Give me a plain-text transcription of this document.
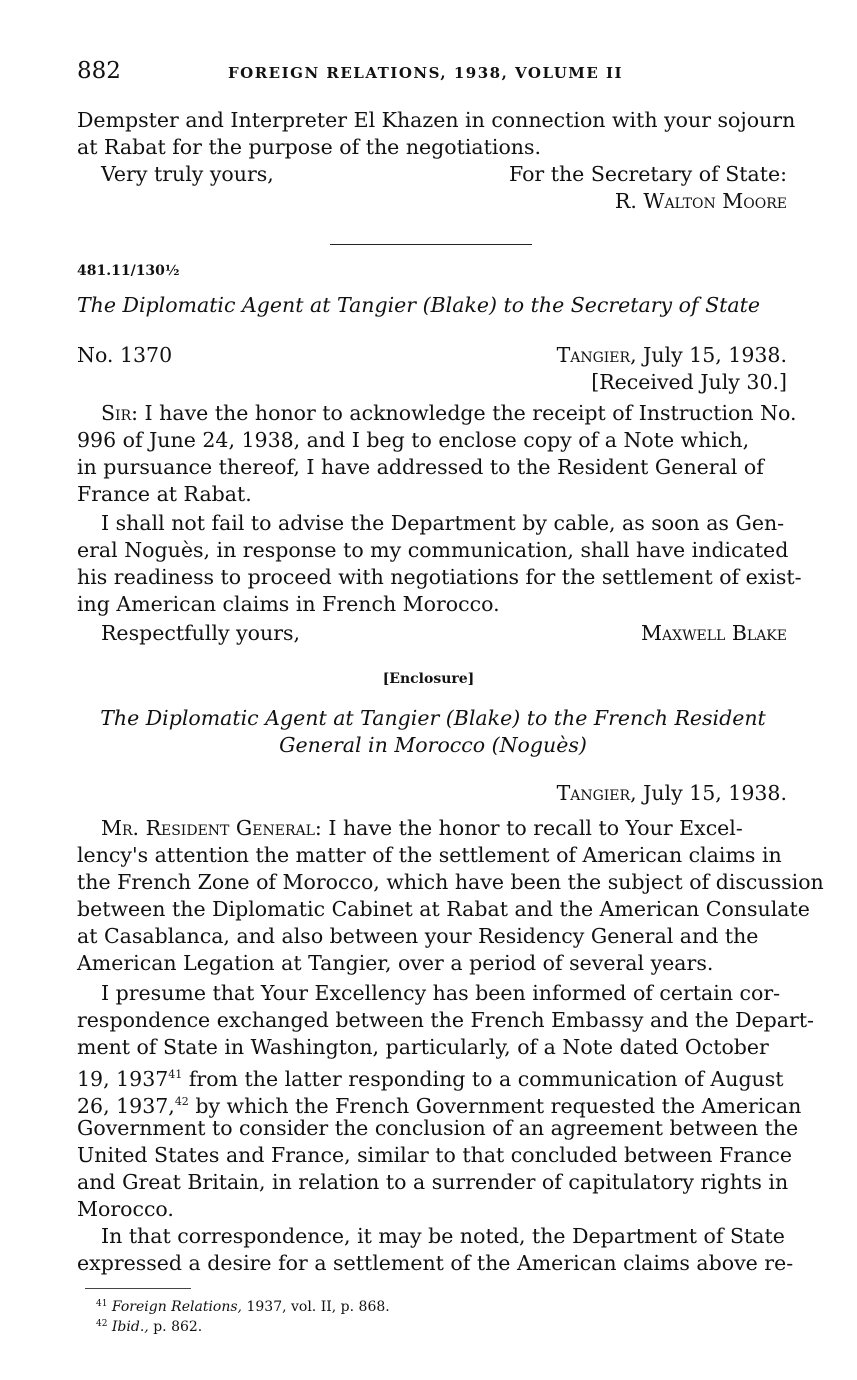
882	FOREIGN RELATIONS, 1938, VOLUME II
Dempster and Interpreter El Khazen in connection with your sojourn
at Rabat for the purpose of the negotiations.
Very truly yours,	For the Secretary of State:
R. Walton Moore
481.11/130½
The Diplomatic Agent at Tangier (Blake) to the Secretary of State
No. 1370	Tangier, July 15, 1938.
[Received July 30.]
Sir: I have the honor to acknowledge the receipt of Instruction No.
996 of June 24, 1938, and I beg to enclose copy of a Note which,
in pursuance thereof, I have addressed to the Resident General of
France at Rabat.
I shall not fail to advise the Department by cable, as soon as Gen-
eral Noguès, in response to my communication, shall have indicated
his readiness to proceed with negotiations for the settlement of exist-
ing American claims in French Morocco.
Respectfully yours,	Maxwell Blake
[Enclosure]
The Diplomatic Agent at Tangier (Blake) to the French Resident
General in Morocco (Noguès)
Tangier, July 15, 1938.
Mr. Resident General: I have the honor to recall to Your Excel-
lency's attention the matter of the settlement of American claims in
the French Zone of Morocco, which have been the subject of discussion
between the Diplomatic Cabinet at Rabat and the American Consulate
at Casablanca, and also between your Residency General and the
American Legation at Tangier, over a period of several years.
I presume that Your Excellency has been informed of certain cor-
respondence exchanged between the French Embassy and the Depart-
ment of State in Washington, particularly, of a Note dated October
19, 1937$^{41}$ from the latter responding to a communication of August
26, 1937,42 by which the French Government requested the American
Government to consider the conclusion of an agreement between the
United States and France, similar to that concluded between France
and Great Britain, in relation to a surrender of capitulatory rights in
Morocco.
In that correspondence, it may be noted, the Department of State
expressed a desire for a settlement of the American claims above re-
$^{41}$ Foreign Relations, 1937, vol. II, p. 868.
$^{42}$ Ibid., p. 862.
